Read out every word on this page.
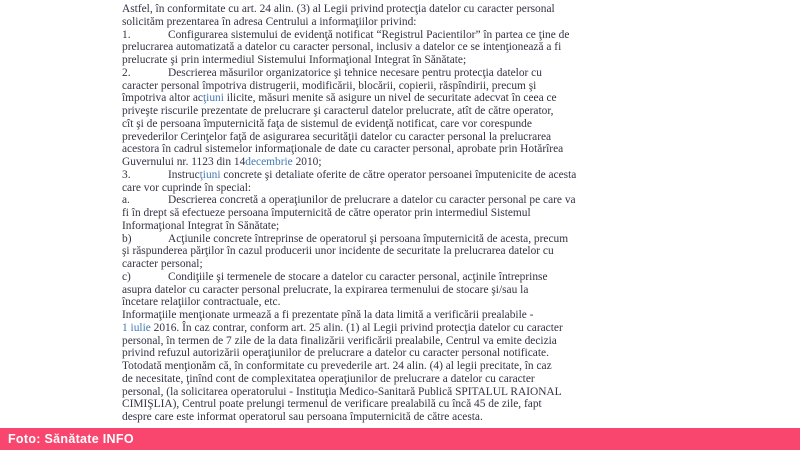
Astfel, în conformitate cu art. 24 alin. (3) al Legii privind protecţia datelor cu caracter personal
solicităm prezentarea în adresa Centrului a informaţiilor privind:
1.	Configurarea sistemului de evidenţă notificat “Registrul Pacientilor” în partea ce ţine de
prelucrarea automatizată a datelor cu caracter personal, inclusiv a datelor ce se intenţionează a fi
prelucrate şi prin intermediul Sistemului Informaţional Integrat în Sănătate;
2.	Descrierea măsurilor organizatorice şi tehnice necesare pentru protecţia datelor cu
caracter personal împotriva distrugerii, modificării, blocării, copierii, răspîndirii, precum şi
împotriva altor acţiuni ilicite, măsuri menite să asigure un nivel de securitate adecvat în ceea ce
priveşte riscurile prezentate de prelucrare şi caracterul datelor prelucrate, atît de către operator,
cît şi de persoana împuternicită faţa de sistemul de evidenţă notificat, care vor corespunde
prevederilor Cerinţelor faţă de asigurarea securităţii datelor cu caracter personal la prelucrarea
acestora în cadrul sistemelor informaţionale de date cu caracter personal, aprobate prin Hotărîrea
Guvernului nr. 1123 din 14decembrie 2010;
3.	Instrucţiuni concrete şi detaliate oferite de către operator persoanei împutenicite de acesta
care vor cuprinde în special:
a.	Descrierea concretă a operaţiunilor de prelucrare a datelor cu caracter personal pe care va
fi în drept să efectueze persoana împuternicită de către operator prin intermediul Sistemul
Informaţional Integrat în Sănătate;
b)	Acţiunile concrete întreprinse de operatorul şi persoana împuternicită de acesta, precum
şi răspunderea părţilor în cazul producerii unor incidente de securitate la prelucrarea datelor cu
caracter personal;
c)	Condiţiile şi termenele de stocare a datelor cu caracter personal, acţinile întreprinse
asupra datelor cu caracter personal prelucrate, la expirarea termenului de stocare şi/sau la
încetare relaţiilor contractuale, etc.
Informaţiile menţionate urmează a fi prezentate pînă la data limită a verificării prealabile -
1 iulie 2016. În caz contrar, conform art. 25 alin. (1) al Legii privind protecţia datelor cu caracter
personal, în termen de 7 zile de la data finalizării verificării prealabile, Centrul va emite decizia
privind refuzul autorizării operaţiunilor de prelucrare a datelor cu caracter personal notificate.
Totodată menţionăm că, în conformitate cu prevederile art. 24 alin. (4) al legii precitate, în caz
de necesitate, ţinînd cont de complexitatea operaţiunilor de prelucrare a datelor cu caracter
personal, (la solicitarea operatorului - Instituţia Medico-Sanitară Publică SPITALUL RAIONAL
CIMIŞLIA), Centrul poate prelungi termenul de verificare prealabilă cu încă 45 de zile, fapt
despre care este informat operatorul sau persoana împuternicită de către acesta.
Foto: Sănătate INFO
